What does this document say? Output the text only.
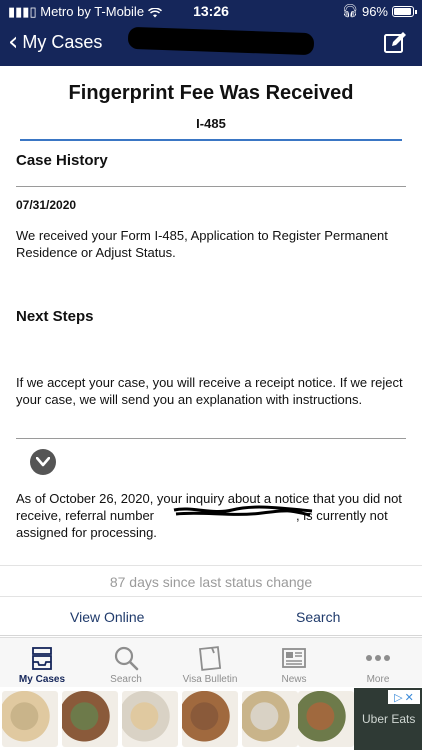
▮▮▮▯ Metro by T-Mobile	13:26	🎧︎ 96%
‹ My Cases
Fingerprint Fee Was Received
I-485
Case History
07/31/2020
We received your Form I-485, Application to Register Permanent Residence or Adjust Status.
Next Steps
If we accept your case, you will receive a receipt notice. If we reject your case, we will send you an explanation with instructions.
As of October 26, 2020, your inquiry about a notice that you did not receive, referral number	, is currently not assigned for processing.
87 days since last status change
View Online	Search
My Cases	Search	Visa Bulletin	News	More
Uber Eats
▷ ✕
